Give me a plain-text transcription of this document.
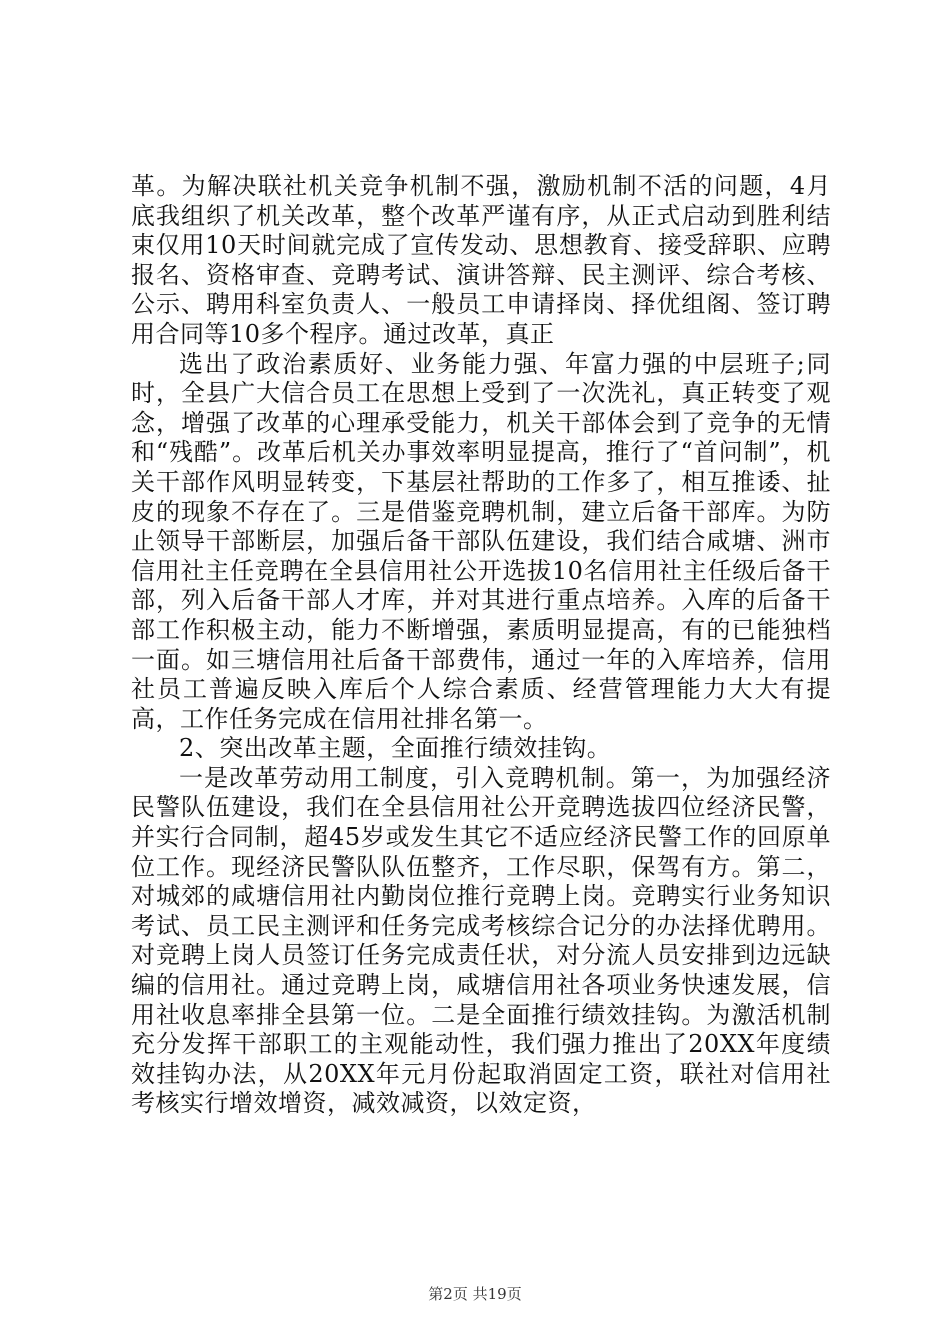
革。为解决联社机关竞争机制不强，激励机制不活的问题，4月底我组织了机关改革，整个改革严谨有序，从正式启动到胜利结束仅用10天时间就完成了宣传发动、思想教育、接受辞职、应聘报名、资格审查、竞聘考试、演讲答辩、民主测评、综合考核、公示、聘用科室负责人、一般员工申请择岗、择优组阁、签订聘用合同等10多个程序。通过改革，真正

选出了政治素质好、业务能力强、年富力强的中层班子;同时，全县广大信合员工在思想上受到了一次洗礼，真正转变了观念，增强了改革的心理承受能力，机关干部体会到了竞争的无情和“残酷”。改革后机关办事效率明显提高，推行了“首问制”，机关干部作风明显转变，下基层社帮助的工作多了，相互推诿、扯皮的现象不存在了。三是借鉴竞聘机制，建立后备干部库。为防止领导干部断层，加强后备干部队伍建设，我们结合咸塘、洲市信用社主任竞聘在全县信用社公开选拔10名信用社主任级后备干部，列入后备干部人才库，并对其进行重点培养。入库的后备干部工作积极主动，能力不断增强，素质明显提高，有的已能独档一面。如三塘信用社后备干部费伟，通过一年的入库培养，信用社员工普遍反映入库后个人综合素质、经营管理能力大大有提高，工作任务完成在信用社排名第一。

2、突出改革主题，全面推行绩效挂钩。

一是改革劳动用工制度，引入竞聘机制。第一，为加强经济民警队伍建设，我们在全县信用社公开竞聘选拔四位经济民警，并实行合同制，超45岁或发生其它不适应经济民警工作的回原单位工作。现经济民警队队伍整齐，工作尽职，保驾有方。第二，对城郊的咸塘信用社内勤岗位推行竞聘上岗。竞聘实行业务知识考试、员工民主测评和任务完成考核综合记分的办法择优聘用。对竞聘上岗人员签订任务完成责任状，对分流人员安排到边远缺编的信用社。通过竞聘上岗，咸塘信用社各项业务快速发展，信用社收息率排全县第一位。二是全面推行绩效挂钩。为激活机制充分发挥干部职工的主观能动性，我们强力推出了20XX年度绩效挂钩办法，从20XX年元月份起取消固定工资，联社对信用社考核实行增效增资，减效减资，以效定资，

第2页 共19页
